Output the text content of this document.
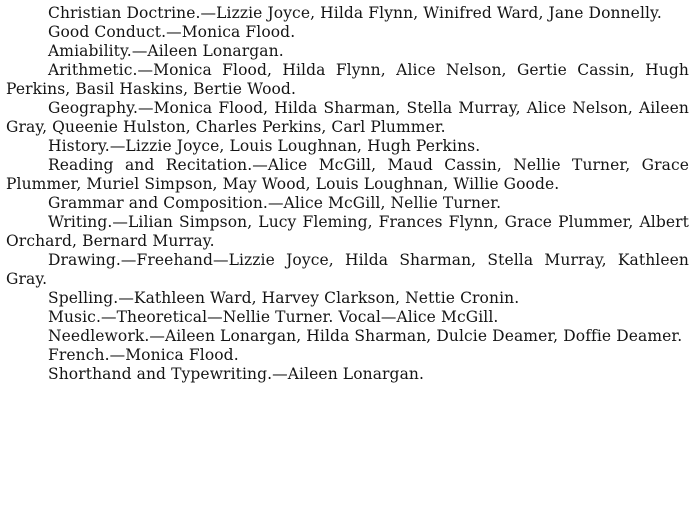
Christian Doctrine.—Lizzie Joyce, Hilda Flynn, Winifred Ward, Jane Donnelly.

Good Conduct.—Monica Flood.

Amiability.—Aileen Lonargan.

Arithmetic.—Monica Flood, Hilda Flynn, Alice Nelson, Gertie Cassin, Hugh Perkins, Basil Haskins, Bertie Wood.

Geography.—Monica Flood, Hilda Sharman, Stella Murray, Alice Nelson, Aileen Gray, Queenie Hulston, Charles Perkins, Carl Plummer.

History.—Lizzie Joyce, Louis Loughnan, Hugh Perkins.

Reading and Recitation.—Alice McGill, Maud Cassin, Nellie Turner, Grace Plummer, Muriel Simpson, May Wood, Louis Loughnan, Willie Goode.

Grammar and Composition.—Alice McGill, Nellie Turner.

Writing.—Lilian Simpson, Lucy Fleming, Frances Flynn, Grace Plummer, Albert Orchard, Bernard Murray.

Drawing.—Freehand—Lizzie Joyce, Hilda Sharman, Stella Murray, Kathleen Gray.

Spelling.—Kathleen Ward, Harvey Clarkson, Nettie Cronin.

Music.—Theoretical—Nellie Turner. Vocal—Alice McGill.

Needlework.—Aileen Lonargan, Hilda Sharman, Dulcie Deamer, Doffie Deamer.

French.—Monica Flood.

Shorthand and Typewriting.—Aileen Lonargan.
